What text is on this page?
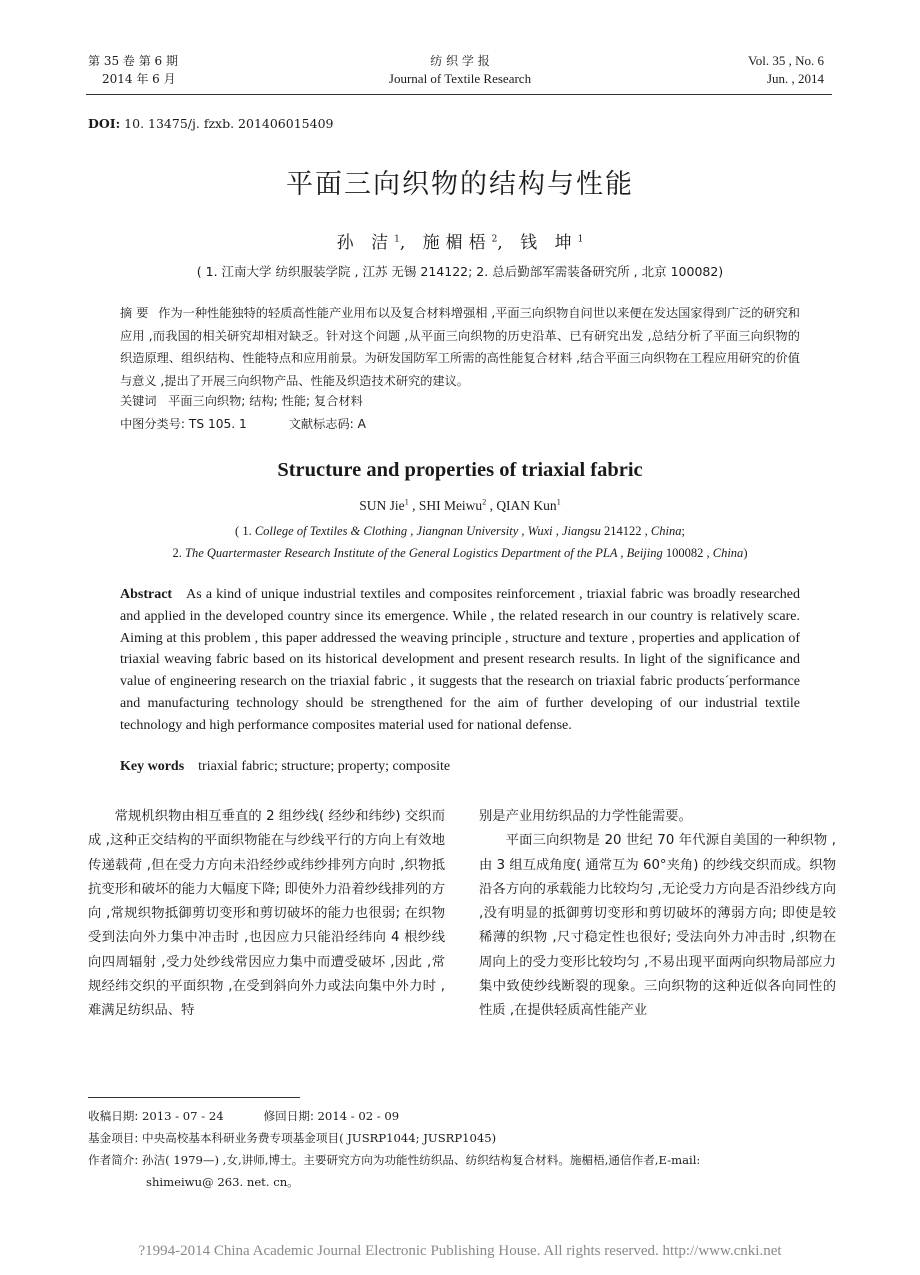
第 35 卷 第 6 期
2014 年 6 月
纺 织 学 报
Journal of Textile Research
Vol. 35 , No. 6
Jun. , 2014
DOI: 10. 13475/j. fzxb. 201406015409
平面三向织物的结构与性能
孙 洁$^1$, 施楣梧$^2$, 钱 坤$^1$
( 1. 江南大学 纺织服装学院 , 江苏 无锡 214122; 2. 总后勤部军需装备研究所 , 北京 100082)
摘 要 作为一种性能独特的轻质高性能产业用布以及复合材料增强相 ,平面三向织物自问世以来便在发达国家得到广泛的研究和应用 ,而我国的相关研究却相对缺乏。针对这个问题 ,从平面三向织物的历史沿革、已有研究出发 ,总结分析了平面三向织物的织造原理、组织结构、性能特点和应用前景。为研发国防军工所需的高性能复合材料 ,结合平面三向织物在工程应用研究的价值与意义 ,提出了开展三向织物产品、性能及织造技术研究的建议。
关键词 平面三向织物; 结构; 性能; 复合材料
中图分类号: TS 105. 1	文献标志码: A
Structure and properties of triaxial fabric
SUN Jie$^1$ , SHI Meiwu$^2$ , QIAN Kun$^1$
( 1. College of Textiles & Clothing , Jiangnan University , Wuxi , Jiangsu 214122 , China;
2. The Quartermaster Research Institute of the General Logistics Department of the PLA , Beijing 100082 , China)
Abstract As a kind of unique industrial textiles and composites reinforcement , triaxial fabric was broadly researched and applied in the developed country since its emergence. While , the related research in our country is relatively scare. Aiming at this problem , this paper addressed the weaving principle , structure and texture , properties and application of triaxial weaving fabric based on its historical development and present research results. In light of the significance and value of engineering research on the triaxial fabric , it suggests that the research on triaxial fabric products´performance and manufacturing technology should be strengthened for the aim of further developing of our industrial textile technology and high performance composites material used for national defense.
Key words triaxial fabric; structure; property; composite
常规机织物由相互垂直的 2 组纱线( 经纱和纬纱) 交织而成 ,这种正交结构的平面织物能在与纱线平行的方向上有效地传递载荷 ,但在受力方向未沿经纱或纬纱排列方向时 ,织物抵抗变形和破坏的能力大幅度下降; 即使外力沿着纱线排列的方向 ,常规织物抵御剪切变形和剪切破坏的能力也很弱; 在织物受到法向外力集中冲击时 ,也因应力只能沿经纬向 4 根纱线向四周辐射 ,受力处纱线常因应力集中而遭受破坏 ,因此 ,常规经纬交织的平面织物 ,在受到斜向外力或法向集中外力时 ,难满足纺织品、特

别是产业用纺织品的力学性能需要。

平面三向织物是 20 世纪 70 年代源自美国的一种织物 ,由 3 组互成角度( 通常互为 60°夹角) 的纱线交织而成。织物沿各方向的承载能力比较均匀 ,无论受力方向是否沿纱线方向 ,没有明显的抵御剪切变形和剪切破坏的薄弱方向; 即使是较稀薄的织物 ,尺寸稳定性也很好; 受法向外力冲击时 ,织物在周向上的受力变形比较均匀 ,不易出现平面两向织物局部应力集中致使纱线断裂的现象。三向织物的这种近似各向同性的性质 ,在提供轻质高性能产业

收稿日期: 2013 - 07 - 24	修回日期: 2014 - 02 - 09
基金项目: 中央高校基本科研业务费专项基金项目( JUSRP1044; JUSRP1045)
作者简介: 孙洁( 1979—) ,女,讲师,博士。主要研究方向为功能性纺织品、纺织结构复合材料。施楣梧,通信作者,E-mail:
shimeiwu@ 263. net. cn。
?1994-2014 China Academic Journal Electronic Publishing House. All rights reserved. http://www.cnki.net
